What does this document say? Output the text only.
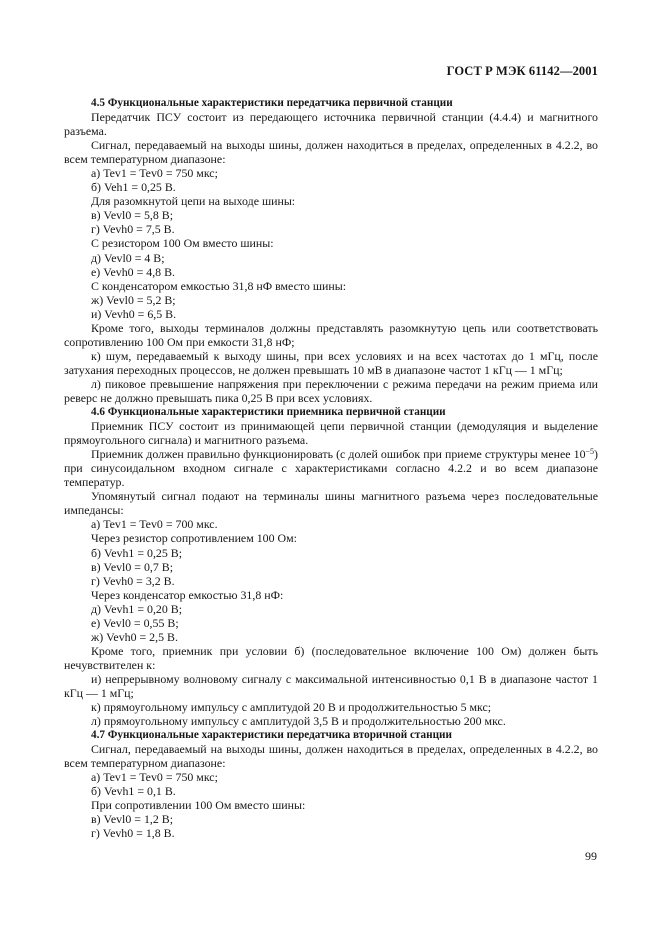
ГОСТ Р МЭК 61142—2001
4.5 Функциональные характеристики передатчика первичной станции

Передатчик ПСУ состоит из передающего источника первичной станции (4.4.4) и магнитного разъема.

Сигнал, передаваемый на выходы шины, должен находиться в пределах, определенных в 4.2.2, во всем температурном диапазоне:

а) Tev1 = Tev0 = 750 мкс;

б) Veh1 = 0,25 В.

Для разомкнутой цепи на выходе шины:

в) Vevl0 = 5,8 В;

г) Vevh0 = 7,5 В.

С резистором 100 Ом вместо шины:

д) Vevl0 = 4 В;

е) Vevh0 = 4,8 В.

С конденсатором емкостью 31,8 нФ вместо шины:

ж) Vevl0 = 5,2 В;

и) Vevh0 = 6,5 В.

Кроме того, выходы терминалов должны представлять разомкнутую цепь или соответствовать сопротивлению 100 Ом при емкости 31,8 нФ;

к) шум, передаваемый к выходу шины, при всех условиях и на всех частотах до 1 мГц, после затухания переходных процессов, не должен превышать 10 мВ в диапазоне частот 1 кГц — 1 мГц;

л) пиковое превышение напряжения при переключении с режима передачи на режим приема или реверс не должно превышать пика 0,25 В при всех условиях.

4.6 Функциональные характеристики приемника первичной станции

Приемник ПСУ состоит из принимающей цепи первичной станции (демодуляция и выделение прямоугольного сигнала) и магнитного разъема.

Приемник должен правильно функционировать (с долей ошибок при приеме структуры менее $10^{-5}$) при синусоидальном входном сигнале с характеристиками согласно 4.2.2 и во всем диапазоне температур.

Упомянутый сигнал подают на терминалы шины магнитного разъема через последовательные импедансы:

а) Tev1 = Tev0 = 700 мкс.

Через резистор сопротивлением 100 Ом:

б) Vevh1 = 0,25 В;

в) Vevl0 = 0,7 В;

г) Vevh0 = 3,2 В.

Через конденсатор емкостью 31,8 нФ:

д) Vevh1 = 0,20 В;

е) Vevl0 = 0,55 В;

ж) Vevh0 = 2,5 В.

Кроме того, приемник при условии б) (последовательное включение 100 Ом) должен быть нечувствителен к:

и) непрерывному волновому сигналу с максимальной интенсивностью 0,1 В в диапазоне частот 1 кГц — 1 мГц;

к) прямоугольному импульсу с амплитудой 20 В и продолжительностью 5 мкс;

л) прямоугольному импульсу с амплитудой 3,5 В и продолжительностью 200 мкс.

4.7 Функциональные характеристики передатчика вторичной станции

Сигнал, передаваемый на выходы шины, должен находиться в пределах, определенных в 4.2.2, во всем температурном диапазоне:

а) Tev1 = Tev0 = 750 мкс;

б) Vevh1 = 0,1 В.

При сопротивлении 100 Ом вместо шины:

в) Vevl0 = 1,2 В;

г) Vevh0 = 1,8 В.

99
